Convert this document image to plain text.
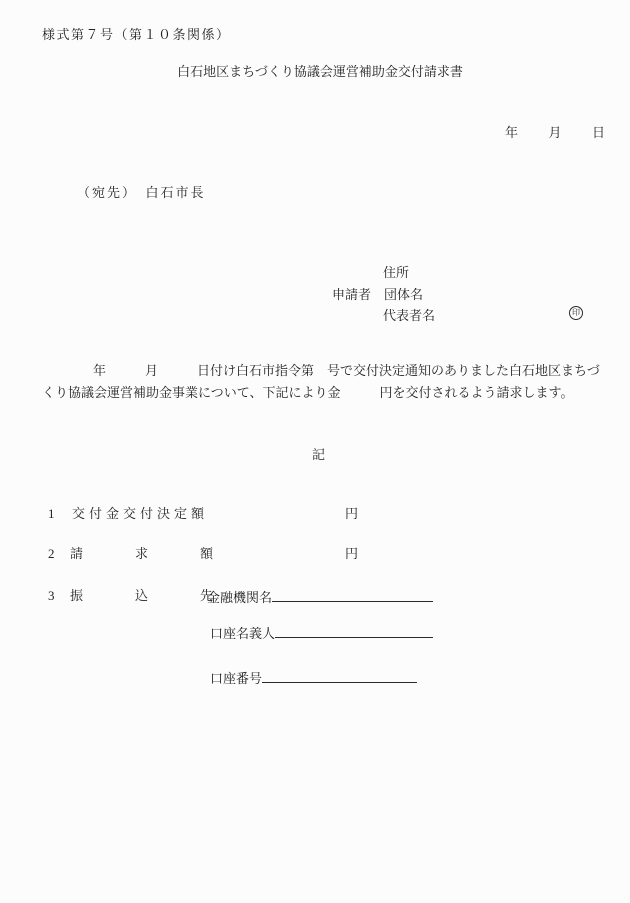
様式第７号（第１０条関係）
白石地区まちづくり協議会運営補助金交付請求書
年　　月　　日
（宛先）　白石市長
住所
申請者　団体名
代表者名	印
年　　　月　　　日付け白石市指令第　号で交付決定通知のありました白石地区まちづ
くり協議会運営補助金事業について、下記により金　　　円を交付されるよう請求します。
記
1 交付金交付決定額	円
2 請　　　　求　　　　額	円
3 振　　　　込　　　　先
金融機関名
口座名義人
口座番号
